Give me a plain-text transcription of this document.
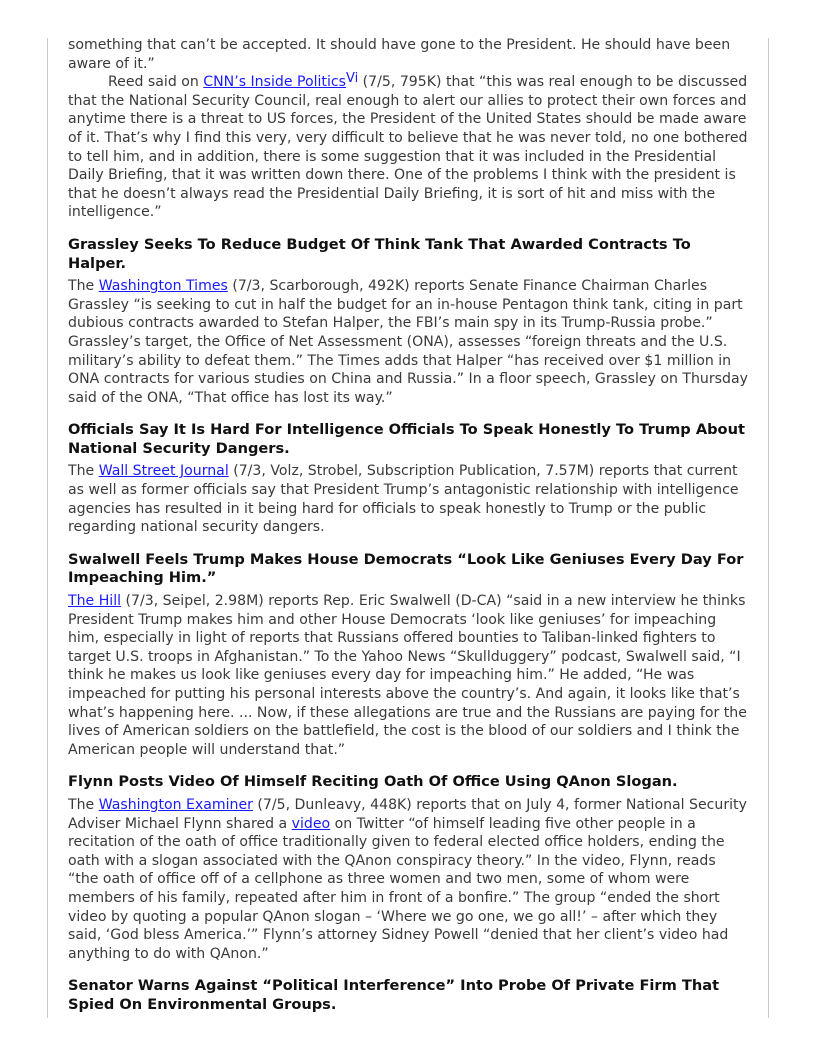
something that can’t be accepted. It should have gone to the President. He should have been aware of it.”

Reed said on CNN’s Inside Politics$^{Vi}$ (7/5, 795K) that “this was real enough to be discussed that the National Security Council, real enough to alert our allies to protect their own forces and anytime there is a threat to US forces, the President of the United States should be made aware of it. That’s why I find this very, very difficult to believe that he was never told, no one bothered to tell him, and in addition, there is some suggestion that it was included in the Presidential Daily Briefing, that it was written down there. One of the problems I think with the president is that he doesn’t always read the Presidential Daily Briefing, it is sort of hit and miss with the intelligence.”

Grassley Seeks To Reduce Budget Of Think Tank That Awarded Contracts To Halper.

The Washington Times (7/3, Scarborough, 492K) reports Senate Finance Chairman Charles Grassley “is seeking to cut in half the budget for an in-house Pentagon think tank, citing in part dubious contracts awarded to Stefan Halper, the FBI’s main spy in its Trump-Russia probe.” Grassley’s target, the Office of Net Assessment (ONA), assesses “foreign threats and the U.S. military’s ability to defeat them.” The Times adds that Halper “has received over $1 million in ONA contracts for various studies on China and Russia.” In a floor speech, Grassley on Thursday said of the ONA, “That office has lost its way.”

Officials Say It Is Hard For Intelligence Officials To Speak Honestly To Trump About National Security Dangers.

The Wall Street Journal (7/3, Volz, Strobel, Subscription Publication, 7.57M) reports that current as well as former officials say that President Trump’s antagonistic relationship with intelligence agencies has resulted in it being hard for officials to speak honestly to Trump or the public regarding national security dangers.

Swalwell Feels Trump Makes House Democrats “Look Like Geniuses Every Day For Impeaching Him.”

The Hill (7/3, Seipel, 2.98M) reports Rep. Eric Swalwell (D-CA) “said in a new interview he thinks President Trump makes him and other House Democrats ‘look like geniuses’ for impeaching him, especially in light of reports that Russians offered bounties to Taliban-linked fighters to target U.S. troops in Afghanistan.” To the Yahoo News “Skullduggery” podcast, Swalwell said, “I think he makes us look like geniuses every day for impeaching him.” He added, “He was impeached for putting his personal interests above the country’s. And again, it looks like that’s what’s happening here. ... Now, if these allegations are true and the Russians are paying for the lives of American soldiers on the battlefield, the cost is the blood of our soldiers and I think the American people will understand that.”

Flynn Posts Video Of Himself Reciting Oath Of Office Using QAnon Slogan.

The Washington Examiner (7/5, Dunleavy, 448K) reports that on July 4, former National Security Adviser Michael Flynn shared a video on Twitter “of himself leading five other people in a recitation of the oath of office traditionally given to federal elected office holders, ending the oath with a slogan associated with the QAnon conspiracy theory.” In the video, Flynn, reads “the oath of office off of a cellphone as three women and two men, some of whom were members of his family, repeated after him in front of a bonfire.” The group “ended the short video by quoting a popular QAnon slogan – ‘Where we go one, we go all!’ – after which they said, ‘God bless America.’” Flynn’s attorney Sidney Powell “denied that her client’s video had anything to do with QAnon.”

Senator Warns Against “Political Interference” Into Probe Of Private Firm That Spied On Environmental Groups.
